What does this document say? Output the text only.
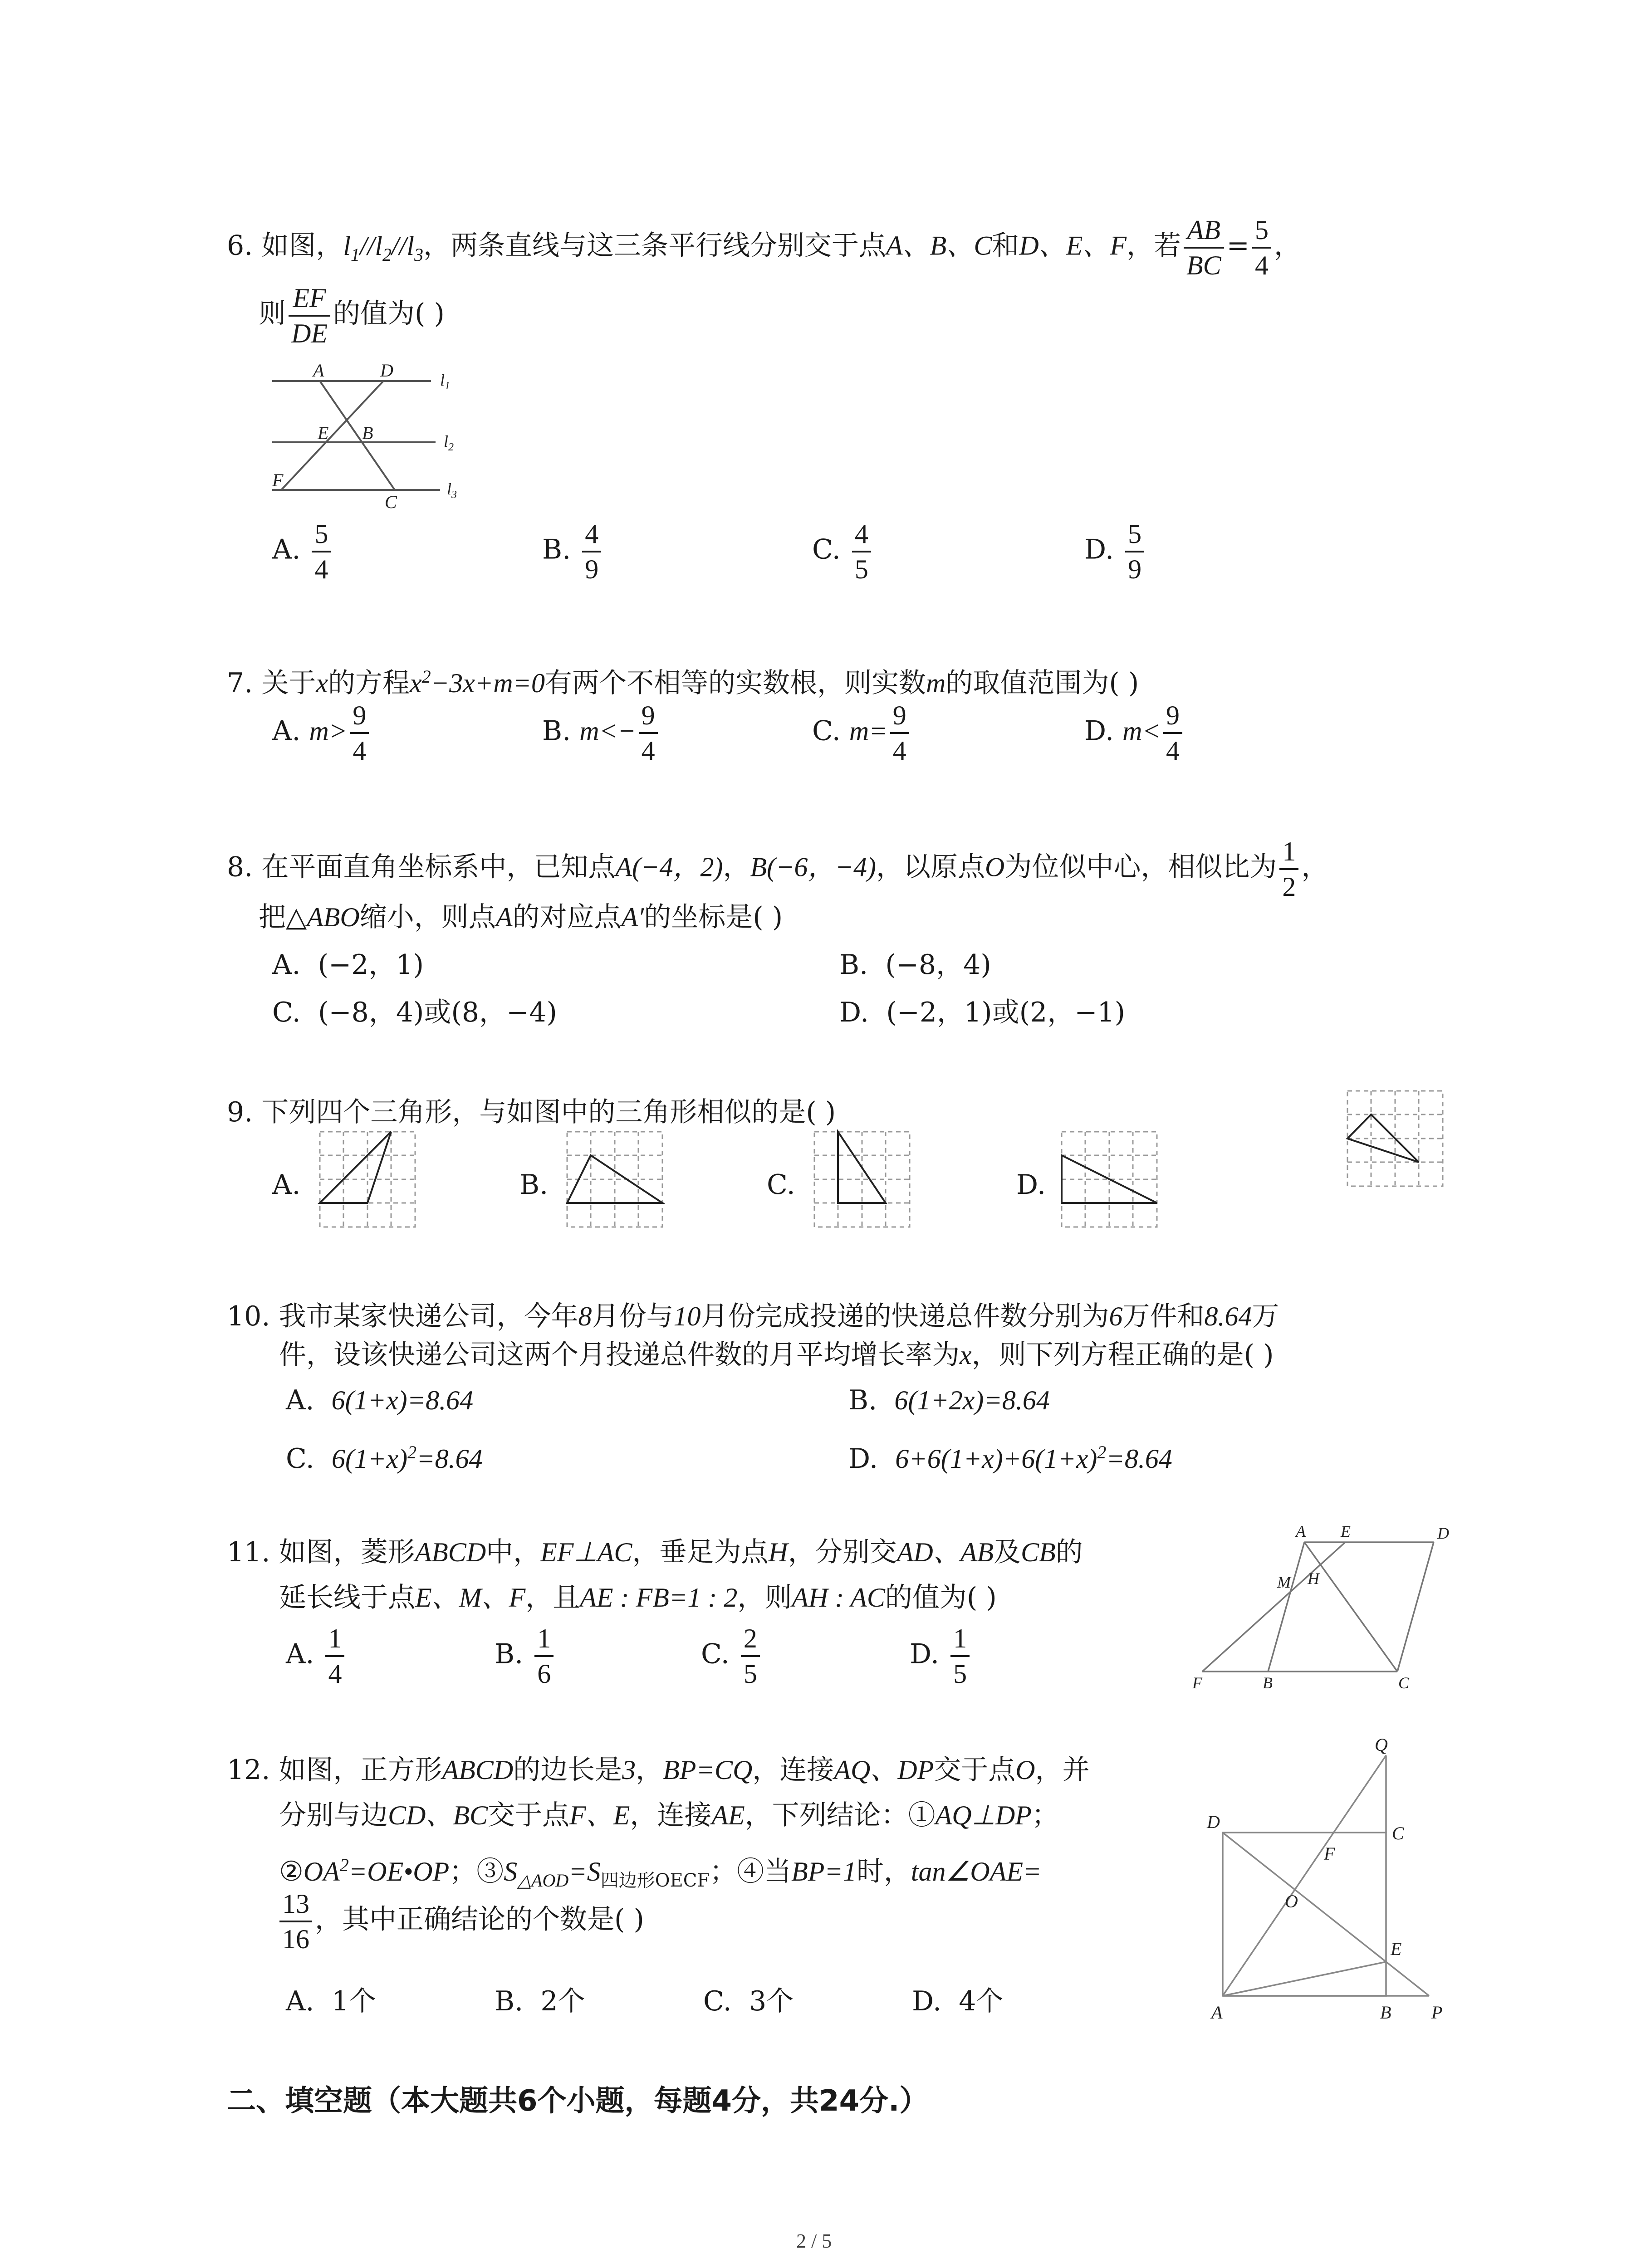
6. 如图，$l_1//l_2//l_3$，两条直线与这三条平行线分别交于点A、B、C和D、E、F，若 $\frac{AB}{BC} = \frac{5}{4}$ ，
则 $\frac{EF}{DE}$ 的值为( )
A	D
E B
F
C
$l_1$
$l_2$
$l_3$
A. $\frac{5}{4}$	B. $\frac{4}{9}$	C. $\frac{4}{5}$	D. $\frac{5}{9}$
7. 关于x的方程$x^2-3x+m=0$有两个不相等的实数根，则实数m的取值范围为( )
A. $m> \frac{9}{4}$	B. $m<- \frac{9}{4}$	C. $m= \frac{9}{4}$	D. $m< \frac{9}{4}$
8. 在平面直角坐标系中，已知点A(−4，2)，B(−6，−4)，以原点O为位似中心，相似比为 $\frac{1}{2}$ ，
把△ABO缩小，则点A的对应点A′的坐标是( )
A. (−2，1)	B. (−8，4)
C. (−8，4)或(8，−4)	D. (−2，1)或(2，−1)
9. 下列四个三角形，与如图中的三角形相似的是( )
A.	B.	C.	D.
10. 我市某家快递公司，今年8月份与10月份完成投递的快递总件数分别为6万件和8.64万
件，设该快递公司这两个月投递总件数的月平均增长率为x，则下列方程正确的是( )
A. 6(1+x)=8.64	B. 6(1+2x)=8.64
C. $6(1+x)^2=8.64$	D. $6+6(1+x)+6(1+x)^2=8.64$
11. 如图，菱形ABCD中，EF⊥AC，垂足为点H，分别交AD、AB及CB的
延长线于点E、M、F，且AE : FB=1 : 2，则AH : AC的值为( )
A. $\frac{1}{4}$	B. $\frac{1}{6}$	C. $\frac{2}{5}$	D. $\frac{1}{5}$
A E	D
M H
F	B	C
12. 如图，正方形ABCD的边长是3，BP=CQ，连接AQ、DP交于点O，并
分别与边CD、BC交于点F、E，连接AE，下列结论：①AQ⊥DP；
$②OA^2=OE•OP$；$③S_{\triangle AOD}=S_{四边形OECF}$；④当BP=1时，tan∠OAE=
$\frac{13}{16}$ ，其中正确结论的个数是( )
A. 1个	B. 2个	C. 3个	D. 4个
Q
D
C
F
O
E
A	B P
二、填空题（本大题共6个小题，每题4分，共24分.）
2 / 5
